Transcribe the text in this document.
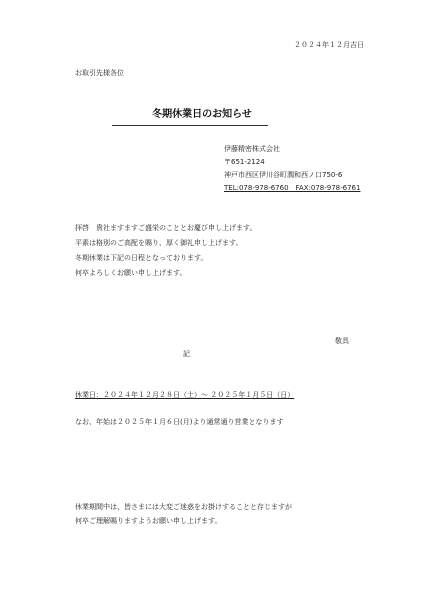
２０２４年１２月吉日
お取引先様各位
冬期休業日のお知らせ
伊藤精密株式会社
〒651-2124
神戸市西区伊川谷町潤和西ノ口750-6
TEL:078-978-6760　FAX:078-978-6761
拝啓　貴社ますますご盛栄のこととお慶び申し上げます。
平素は格別のご高配を賜り、厚く御礼申し上げます。
冬期休業は下記の日程となっております。
何卒よろしくお願い申し上げます。
敬具
記
休業日：２０２４年１２月２８日（土）～ ２０２５年１月５日（日）
なお、年始は２０２５年１月６日(月)より通常通り営業となります
休業期間中は、皆さまには大変ご迷惑をお掛けすることと存じますが
何卒ご理解賜りますようお願い申し上げます。
